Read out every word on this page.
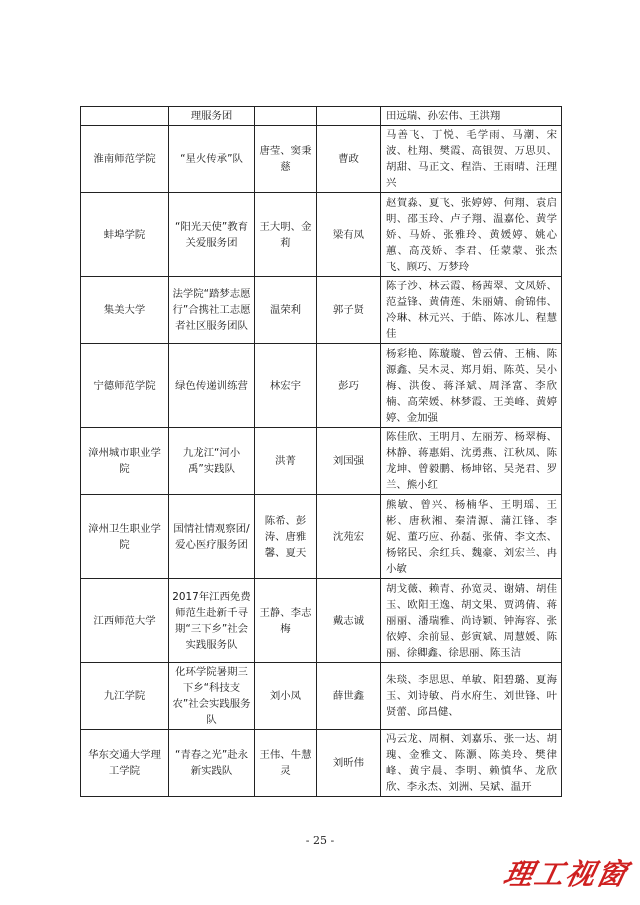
	理服务团			田远瑞、孙宏伟、王洪翔

淮南师范学院	“星火传承”队	唐莹、窦秉慈	曹政	马善飞、丁悦、毛学雨、马潮、宋波、杜翔、樊霞、高银贺、万思贝、胡甜、马正文、程浩、王雨晴、汪理兴

蚌埠学院	“阳光天使”教育关爱服务团	王大明、金莉	梁有凤	赵賀淼、夏飞、张婷婷、何翔、袁启明、邵玉玲、卢子翔、温嘉伦、黄学娇、马娇、张雅玲、黄媛婷、姚心蕙、高茂娇、李君、任蒙蒙、张杰飞、顾巧、万梦玲

集美大学	法学院“踏梦志愿行”合携社工志愿者社区服务团队	温荣利	郭子贤	陈子沙、林云霞、杨茜翠、文凤娇、范益锋、黄倩莲、朱丽婧、俞锦伟、冷琳、林元兴、于皓、陈冰儿、程慧佳

宁德师范学院	绿色传递训练营	林宏宇	彭巧	杨彩艳、陈璇璇、曾云倩、王楠、陈源鑫、吴木灵、郑月娟、陈英、吴小梅、洪俊、蒋泽斌、周泽富、李欣楠、高荣媛、林梦霞、王美峰、黄婷婷、金加强

漳州城市职业学院	九龙江“河小禹”实践队	洪菁	刘国强	陈佳欣、王明月、左丽芳、杨翠梅、林静、蒋惠娟、沈勇燕、江秋凤、陈龙坤、曾毅鹏、杨坤铭、吴尧君、罗兰、熊小红

漳州卫生职业学院	国情社情观察团/爱心医疗服务团	陈希、彭涛、唐雅馨、夏天	沈苑宏	熊敏、曾兴、杨楠华、王明瑶、王彬、唐秋湘、秦清源、蒲江锋、李妮、董巧应、孙磊、张倩、李文杰、杨铭民、余红兵、魏豪、刘宏兰、冉小敏

江西师范大学	2017年江西免费师范生赴新千寻期“三下乡”社会实践服务队	王静、李志梅	戴志诚	胡戈薇、赖青、孙宽灵、谢婧、胡佳玉、欧阳王逸、胡文果、贾鸿倩、蒋丽丽、潘瑞雅、尚诗颖、钟海容、张依婷、余前显、彭寅斌、周慧媛、陈丽、徐卿鑫、徐思丽、陈玉洁

九江学院	化环学院暑期三下乡“科技支农”社会实践服务队	刘小凤	薛世鑫	朱琰、李思思、单敏、阳碧璐、夏海玉、刘诗敏、肖水府生、刘世锋、叶贤蕾、邱昌健、

华东交通大学理工学院	“青春之光”赴永新实践队	王伟、牛慧灵	刘昕伟	冯云龙、周桐、刘嘉乐、张一达、胡瑰、金雅文、陈灏、陈美玲、樊律峰、黄宇晨、李明、赖慎华、龙欣欣、李永杰、刘洲、吴斌、温开
- 25 -
理工视窗
